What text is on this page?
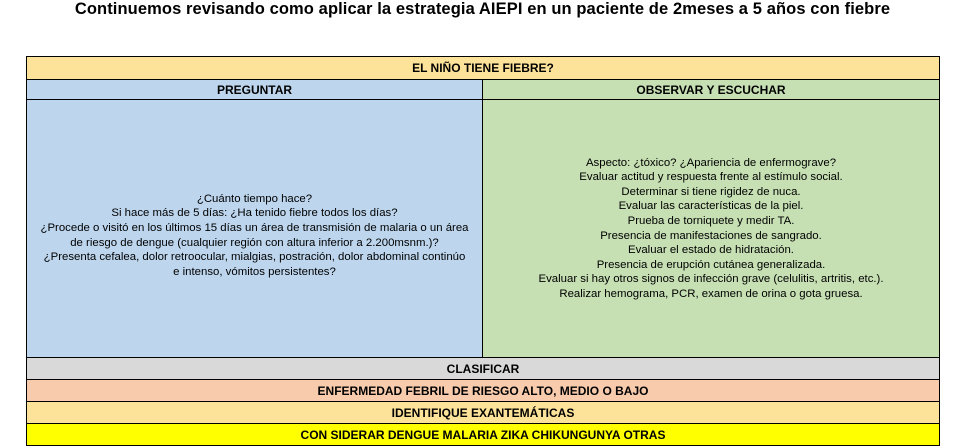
Continuemos revisando como aplicar la estrategia AIEPI en un paciente de 2meses a 5 años con fiebre
EL NIÑO TIENE FIEBRE?
PREGUNTAR	OBSERVAR Y ESCUCHAR
¿Cuánto tiempo hace?
Si hace más de 5 días: ¿Ha tenido fiebre todos los días?
¿Procede o visitó en los últimos 15 días un área de transmisión de malaria o un área
de riesgo de dengue (cualquier región con altura inferior a 2.200msnm.)?
¿Presenta cefalea, dolor retroocular, mialgias, postración, dolor abdominal continúo
e intenso, vómitos persistentes?
Aspecto: ¿tóxico? ¿Apariencia de enfermograve?
Evaluar actitud y respuesta frente al estímulo social.
Determinar si tiene rigidez de nuca.
Evaluar las características de la piel.
Prueba de torniquete y medir TA.
Presencia de manifestaciones de sangrado.
Evaluar el estado de hidratación.
Presencia de erupción cutánea generalizada.
Evaluar si hay otros signos de infección grave (celulitis, artritis, etc.).
Realizar hemograma, PCR, examen de orina o gota gruesa.
CLASIFICAR
ENFERMEDAD FEBRIL DE RIESGO ALTO, MEDIO O BAJO
IDENTIFIQUE EXANTEMÁTICAS
CON SIDERAR DENGUE MALARIA ZIKA CHIKUNGUNYA OTRAS
